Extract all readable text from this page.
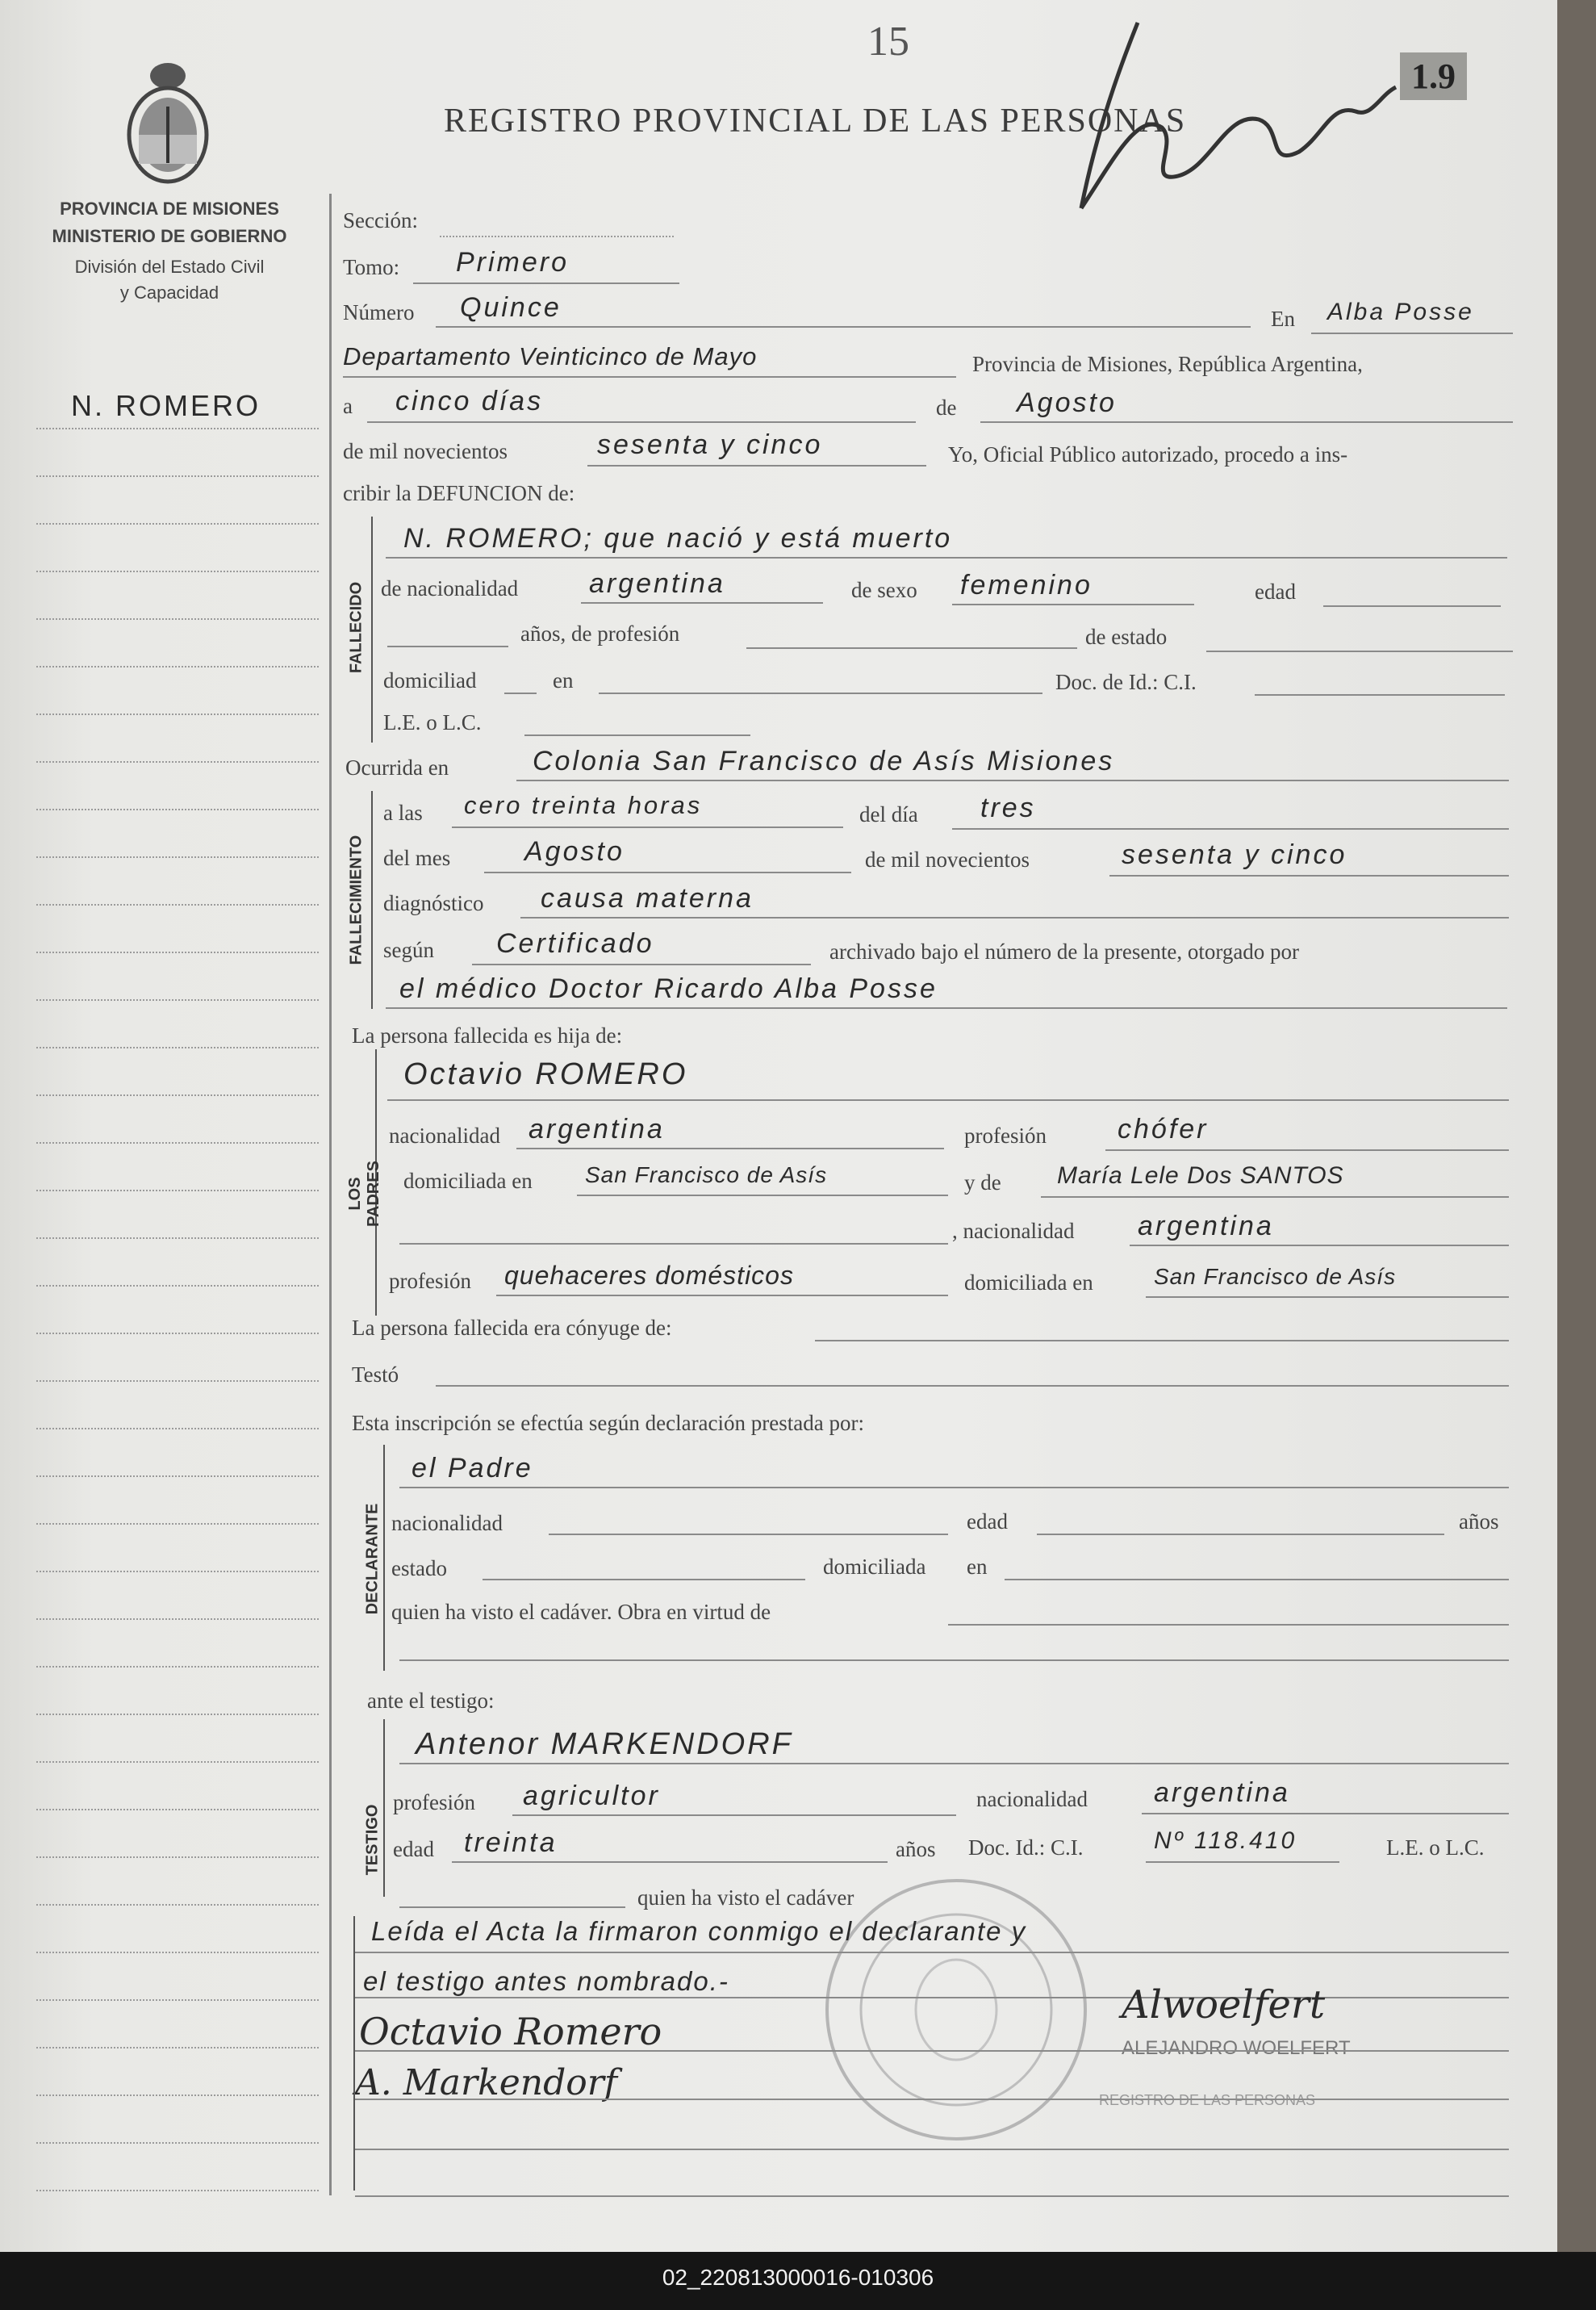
15
1.9
REGISTRO PROVINCIAL DE LAS PERSONAS
PROVINCIA DE MISIONES
MINISTERIO DE GOBIERNO
División del Estado Civil
y Capacidad
N. ROMERO
Sección:
Tomo: Primero
Número Quince	En Alba Posse
Departamento Veinticinco de Mayo	Provincia de Misiones, República Argentina,
a cinco días	de Agosto
de mil novecientos	sesenta y cinco	Yo, Oficial Público autorizado, procedo a ins-
cribir la DEFUNCION de:
FALLECIDO
N. ROMERO; que nació y está muerto
de nacionalidad	argentina	de sexo femenino	edad
años, de profesión	de estado
domiciliad	en	Doc. de Id.: C.I.
L.E. o L.C.
Ocurrida en	Colonia San Francisco de Asís Misiones
FALLECIMIENTO
a las cero treinta horas	del día tres
del mes	Agosto	de mil novecientos	sesenta y cinco
diagnóstico causa materna
según Certificado	archivado bajo el número de la presente, otorgado por
el médico Doctor Ricardo Alba Posse
La persona fallecida es hija de:
LOS PADRES
Octavio ROMERO
nacionalidad argentina	profesión	chófer
domiciliada en San Francisco de Asís	y de María Lele Dos SANTOS
, nacionalidad argentina
profesión quehaceres domésticos	domiciliada en	San Francisco de Asís
La persona fallecida era cónyuge de:
Testó
Esta inscripción se efectúa según declaración prestada por:
DECLARANTE
el Padre
nacionalidad	edad	años
estado	domiciliada en
quien ha visto el cadáver. Obra en virtud de
ante el testigo:
TESTIGO
Antenor MARKENDORF
profesión agricultor	nacionalidad argentina
edad treinta	años Doc. Id.: C.I.	Nº 118.410	L.E. o L.C.
quien ha visto el cadáver
Leída el Acta la firmaron conmigo el declarante y
el testigo antes nombrado.-
Octavio Romero
A. Markendorf
Alwoelfert
ALEJANDRO WOELFERT
REGISTRO DE LAS PERSONAS
02_220813000016-010306
